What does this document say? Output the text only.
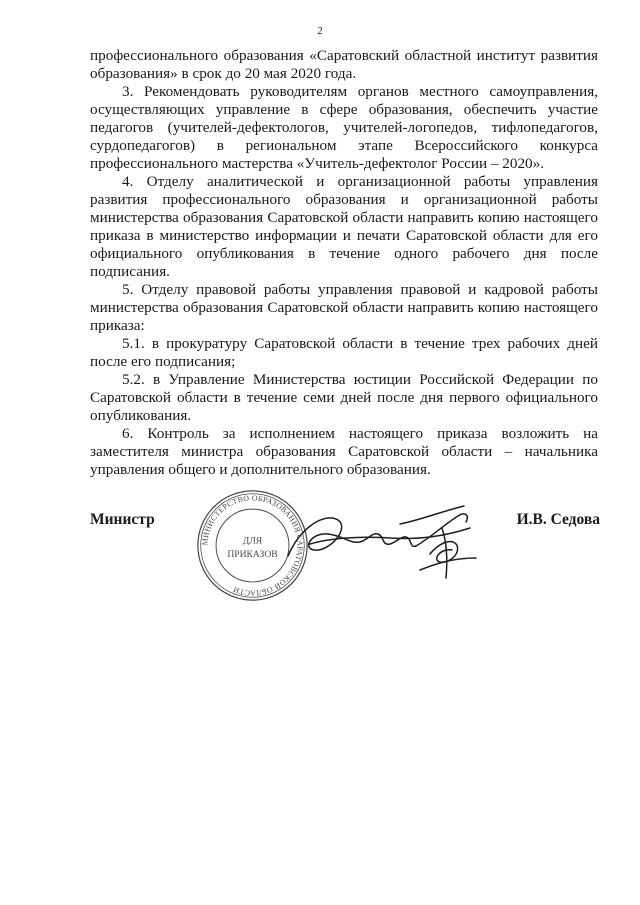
2

профессионального образования «Саратовский областной институт развития образования» в срок до 20 мая 2020 года.

3. Рекомендовать руководителям органов местного самоуправления, осуществляющих управление в сфере образования, обеспечить участие педагогов (учителей-дефектологов, учителей-логопедов, тифлопедагогов, сурдопедагогов) в региональном этапе Всероссийского конкурса профессионального мастерства «Учитель-дефектолог России – 2020».

4. Отделу аналитической и организационной работы управления развития профессионального образования и организационной работы министерства образования Саратовской области направить копию настоящего приказа в министерство информации и печати Саратовской области для его официального опубликования в течение одного рабочего дня после подписания.

5. Отделу правовой работы управления правовой и кадровой работы министерства образования Саратовской области направить копию настоящего приказа:

5.1. в прокуратуру Саратовской области в течение трех рабочих дней после его подписания;

5.2. в Управление Министерства юстиции Российской Федерации по Саратовской области в течение семи дней после дня первого официального опубликования.

6. Контроль за исполнением настоящего приказа возложить на заместителя министра образования Саратовской области – начальника управления общего и дополнительного образования.

Министр	И.В. Седова
МИНИСТЕРСТВО ОБРАЗОВАНИЯ САРАТОВСКОЙ ОБЛАСТИ
ДЛЯ
ПРИКАЗОВ
